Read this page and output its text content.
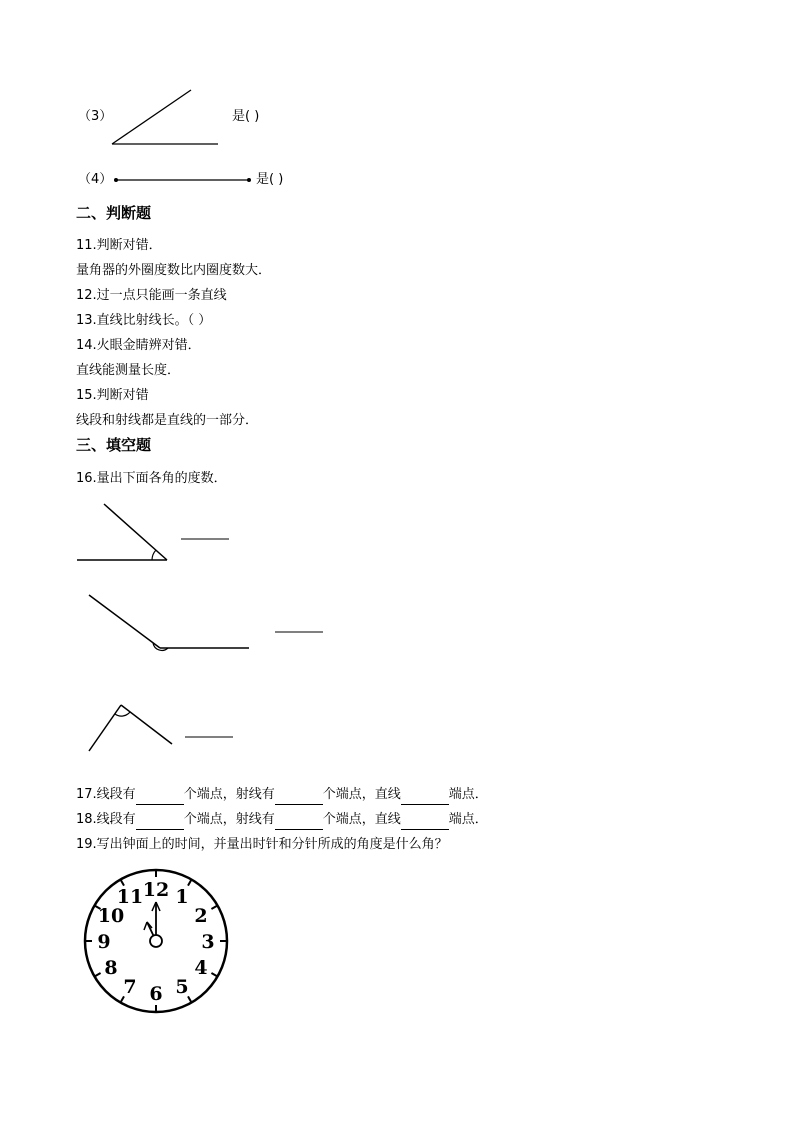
（3）	是( )
（4）	是( )
二、判断题
11.判断对错．
量角器的外圈度数比内圈度数大．
12.过一点只能画一条直线
13.直线比射线长。（ ）
14.火眼金睛辨对错．
直线能测量长度．
15.判断对错
线段和射线都是直线的一部分．
三、填空题
16.量出下面各角的度数．
17.线段有	个端点，射线有	个端点，直线	端点．
18.线段有	个端点，射线有	个端点，直线	端点．
19.写出钟面上的时间，并量出时针和分针所成的角度是什么角？
12 1
2
3
4
5
6
7
8
9
10
11
